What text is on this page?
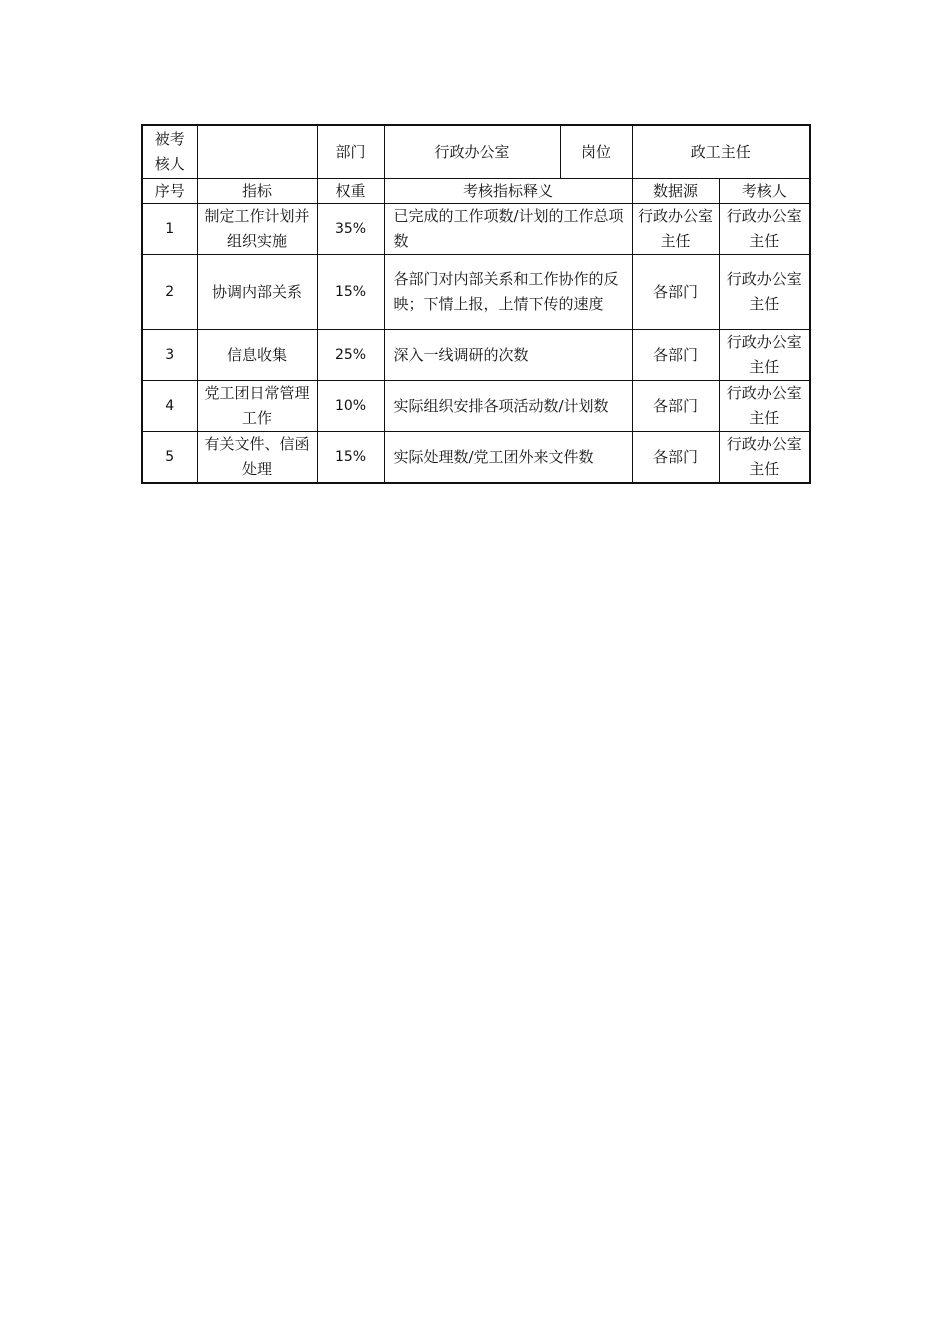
被考核人		部门	行政办公室	岗位	政工主任	
序号	指标	权重	考核指标释义		数据源	考核人
1	制定工作计划并组织实施	35%	已完成的工作项数/计划的工作总项数		行政办公室主任	行政办公室主任
2	协调内部关系	15%	各部门对内部关系和工作协作的反映；下情上报，上情下传的速度		各部门	行政办公室主任
3	信息收集	25%	深入一线调研的次数		各部门	行政办公室主任
4	党工团日常管理工作	10%	实际组织安排各项活动数/计划数		各部门	行政办公室主任
5	有关文件、信函处理	15%	实际处理数/党工团外来文件数		各部门	行政办公室主任
